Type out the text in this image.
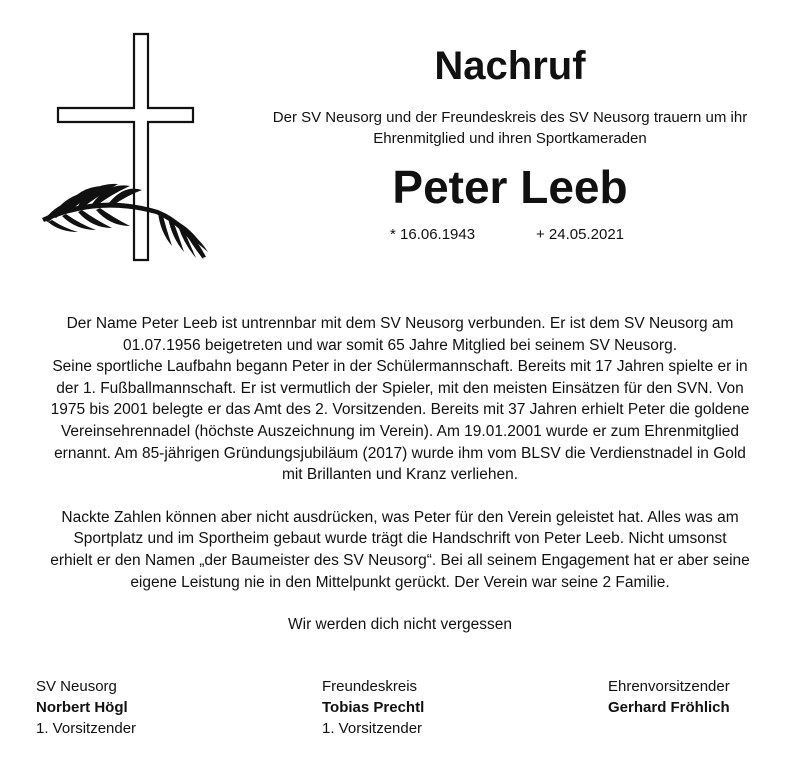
Nachruf
Der SV Neusorg und der Freundeskreis des SV Neusorg trauern um ihr
Ehrenmitglied und ihren Sportkameraden
Peter Leeb
* 16.06.1943	+ 24.05.2021
Der Name Peter Leeb ist untrennbar mit dem SV Neusorg verbunden. Er ist dem SV Neusorg am
01.07.1956 beigetreten und war somit 65 Jahre Mitglied bei seinem SV Neusorg.
Seine sportliche Laufbahn begann Peter in der Schülermannschaft. Bereits mit 17 Jahren spielte er in
der 1. Fußballmannschaft. Er ist vermutlich der Spieler, mit den meisten Einsätzen für den SVN. Von
1975 bis 2001 belegte er das Amt des 2. Vorsitzenden. Bereits mit 37 Jahren erhielt Peter die goldene
Vereinsehrennadel (höchste Auszeichnung im Verein). Am 19.01.2001 wurde er zum Ehrenmitglied
ernannt. Am 85-jährigen Gründungsjubiläum (2017) wurde ihm vom BLSV die Verdienstnadel in Gold
mit Brillanten und Kranz verliehen.
Nackte Zahlen können aber nicht ausdrücken, was Peter für den Verein geleistet hat. Alles was am
Sportplatz und im Sportheim gebaut wurde trägt die Handschrift von Peter Leeb. Nicht umsonst
erhielt er den Namen „der Baumeister des SV Neusorg“. Bei all seinem Engagement hat er aber seine
eigene Leistung nie in den Mittelpunkt gerückt. Der Verein war seine 2 Familie.
Wir werden dich nicht vergessen
SV Neusorg
Norbert Högl
1. Vorsitzender
Freundeskreis
Tobias Prechtl
1. Vorsitzender
Ehrenvorsitzender
Gerhard Fröhlich
